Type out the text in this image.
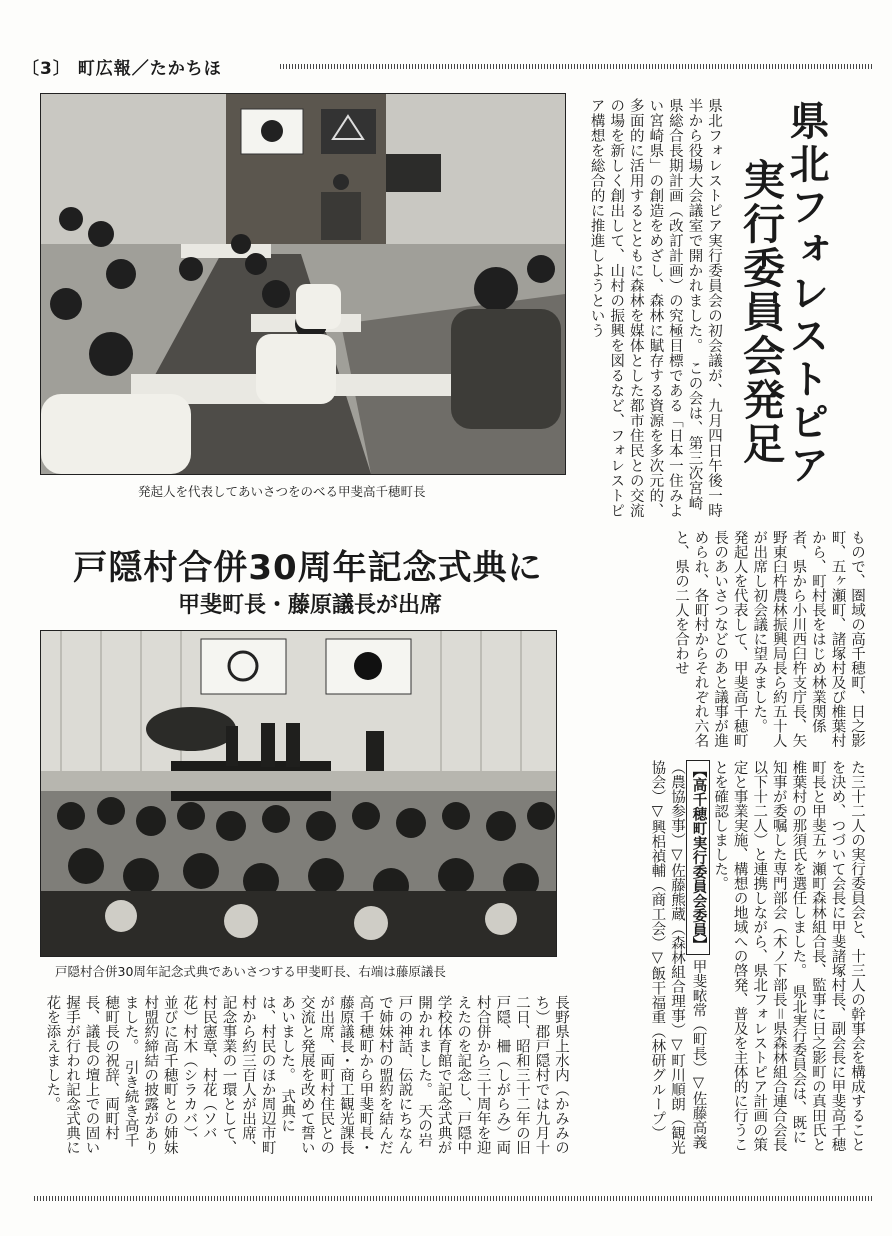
〔3〕 町広報／たかちほ
発起人を代表してあいさつをのべる甲斐高千穂町長
県北フォレストピア
実行委員会発足
県北フォレストピア実行委員会の初会議が、九月四日午後一時半から役場大会議室で開かれました。　この会は、第三次宮崎県総合長期計画（改訂計画）の究極目標である「日本一住みよい宮崎県」の創造をめざし、森林に賦存する資源を多次元的、多面的に活用するとともに森林を媒体とした都市住民との交流の場を新しく創出して、山村の振興を図るなど、フォレストピア構想を総合的に推進しようという
もので、圏域の高千穂町、日之影町、五ヶ瀬町、諸塚村及び椎葉村から、町村長をはじめ林業関係者、県から小川西臼杵支庁長、矢野東臼杵農林振興局長ら約五十人が出席し初会議に望みました。　発起人を代表して、甲斐高千穂町長のあいさつなどのあと議事が進められ、各町村からそれぞれ六名と、県の二人を合わせ
た三十二人の実行委員会と、十三人の幹事会を構成することを決め、つづいて会長に甲斐諸塚村長、副会長に甲斐高千穂町長と甲斐五ヶ瀬町森林組合長、監事に日之影町の真田氏と椎葉村の那須氏を選任しました。　県北実行委員会は、既に知事が委嘱した専門部会（木ノ下部長＝県森林組合連合会長以下十二人）と連携しながら、県北フォレストピア計画の策定と事業実施、構想の地域への啓発、普及を主体的に行うことを確認しました。
【高千穂町実行委員会委員】 甲斐畩常（町長）▽佐藤高義（農協参事）▽佐藤熊蔵（森林組合理事）▽町川順朗（観光協会）▽興梠禎輔（商工会）▽飯干福重（林研グループ）
戸隠村合併30周年記念式典に
甲斐町長・藤原議長が出席
戸隠村合併30周年記念式典であいさつする甲斐町長、右端は藤原議長
長野県上水内（かみみのち）郡戸隠村では九月十二日、昭和三十二年の旧戸隠、柵（しがらみ）両村合併から三十周年を迎えたのを記念し、戸隠中学校体育館で記念式典が開かれました。　天の岩戸の神話、伝説にちなんで姉妹村の盟約を結んだ高千穂町から甲斐町長・藤原議長・商工観光課長が出席、両町村住民との交流と発展を改めて誓いあいました。　式典には、村民のほか周辺市町村から約三百人が出席、記念事業の一環として、村民憲章、村花（ソバ花）村木（シラカバ）、並びに高千穂町との姉妹村盟約締結の披露がありました。　引き続き高千穂町長の祝辞、両町村長、議長の壇上での固い握手が行われ記念式典に花を添えました。
